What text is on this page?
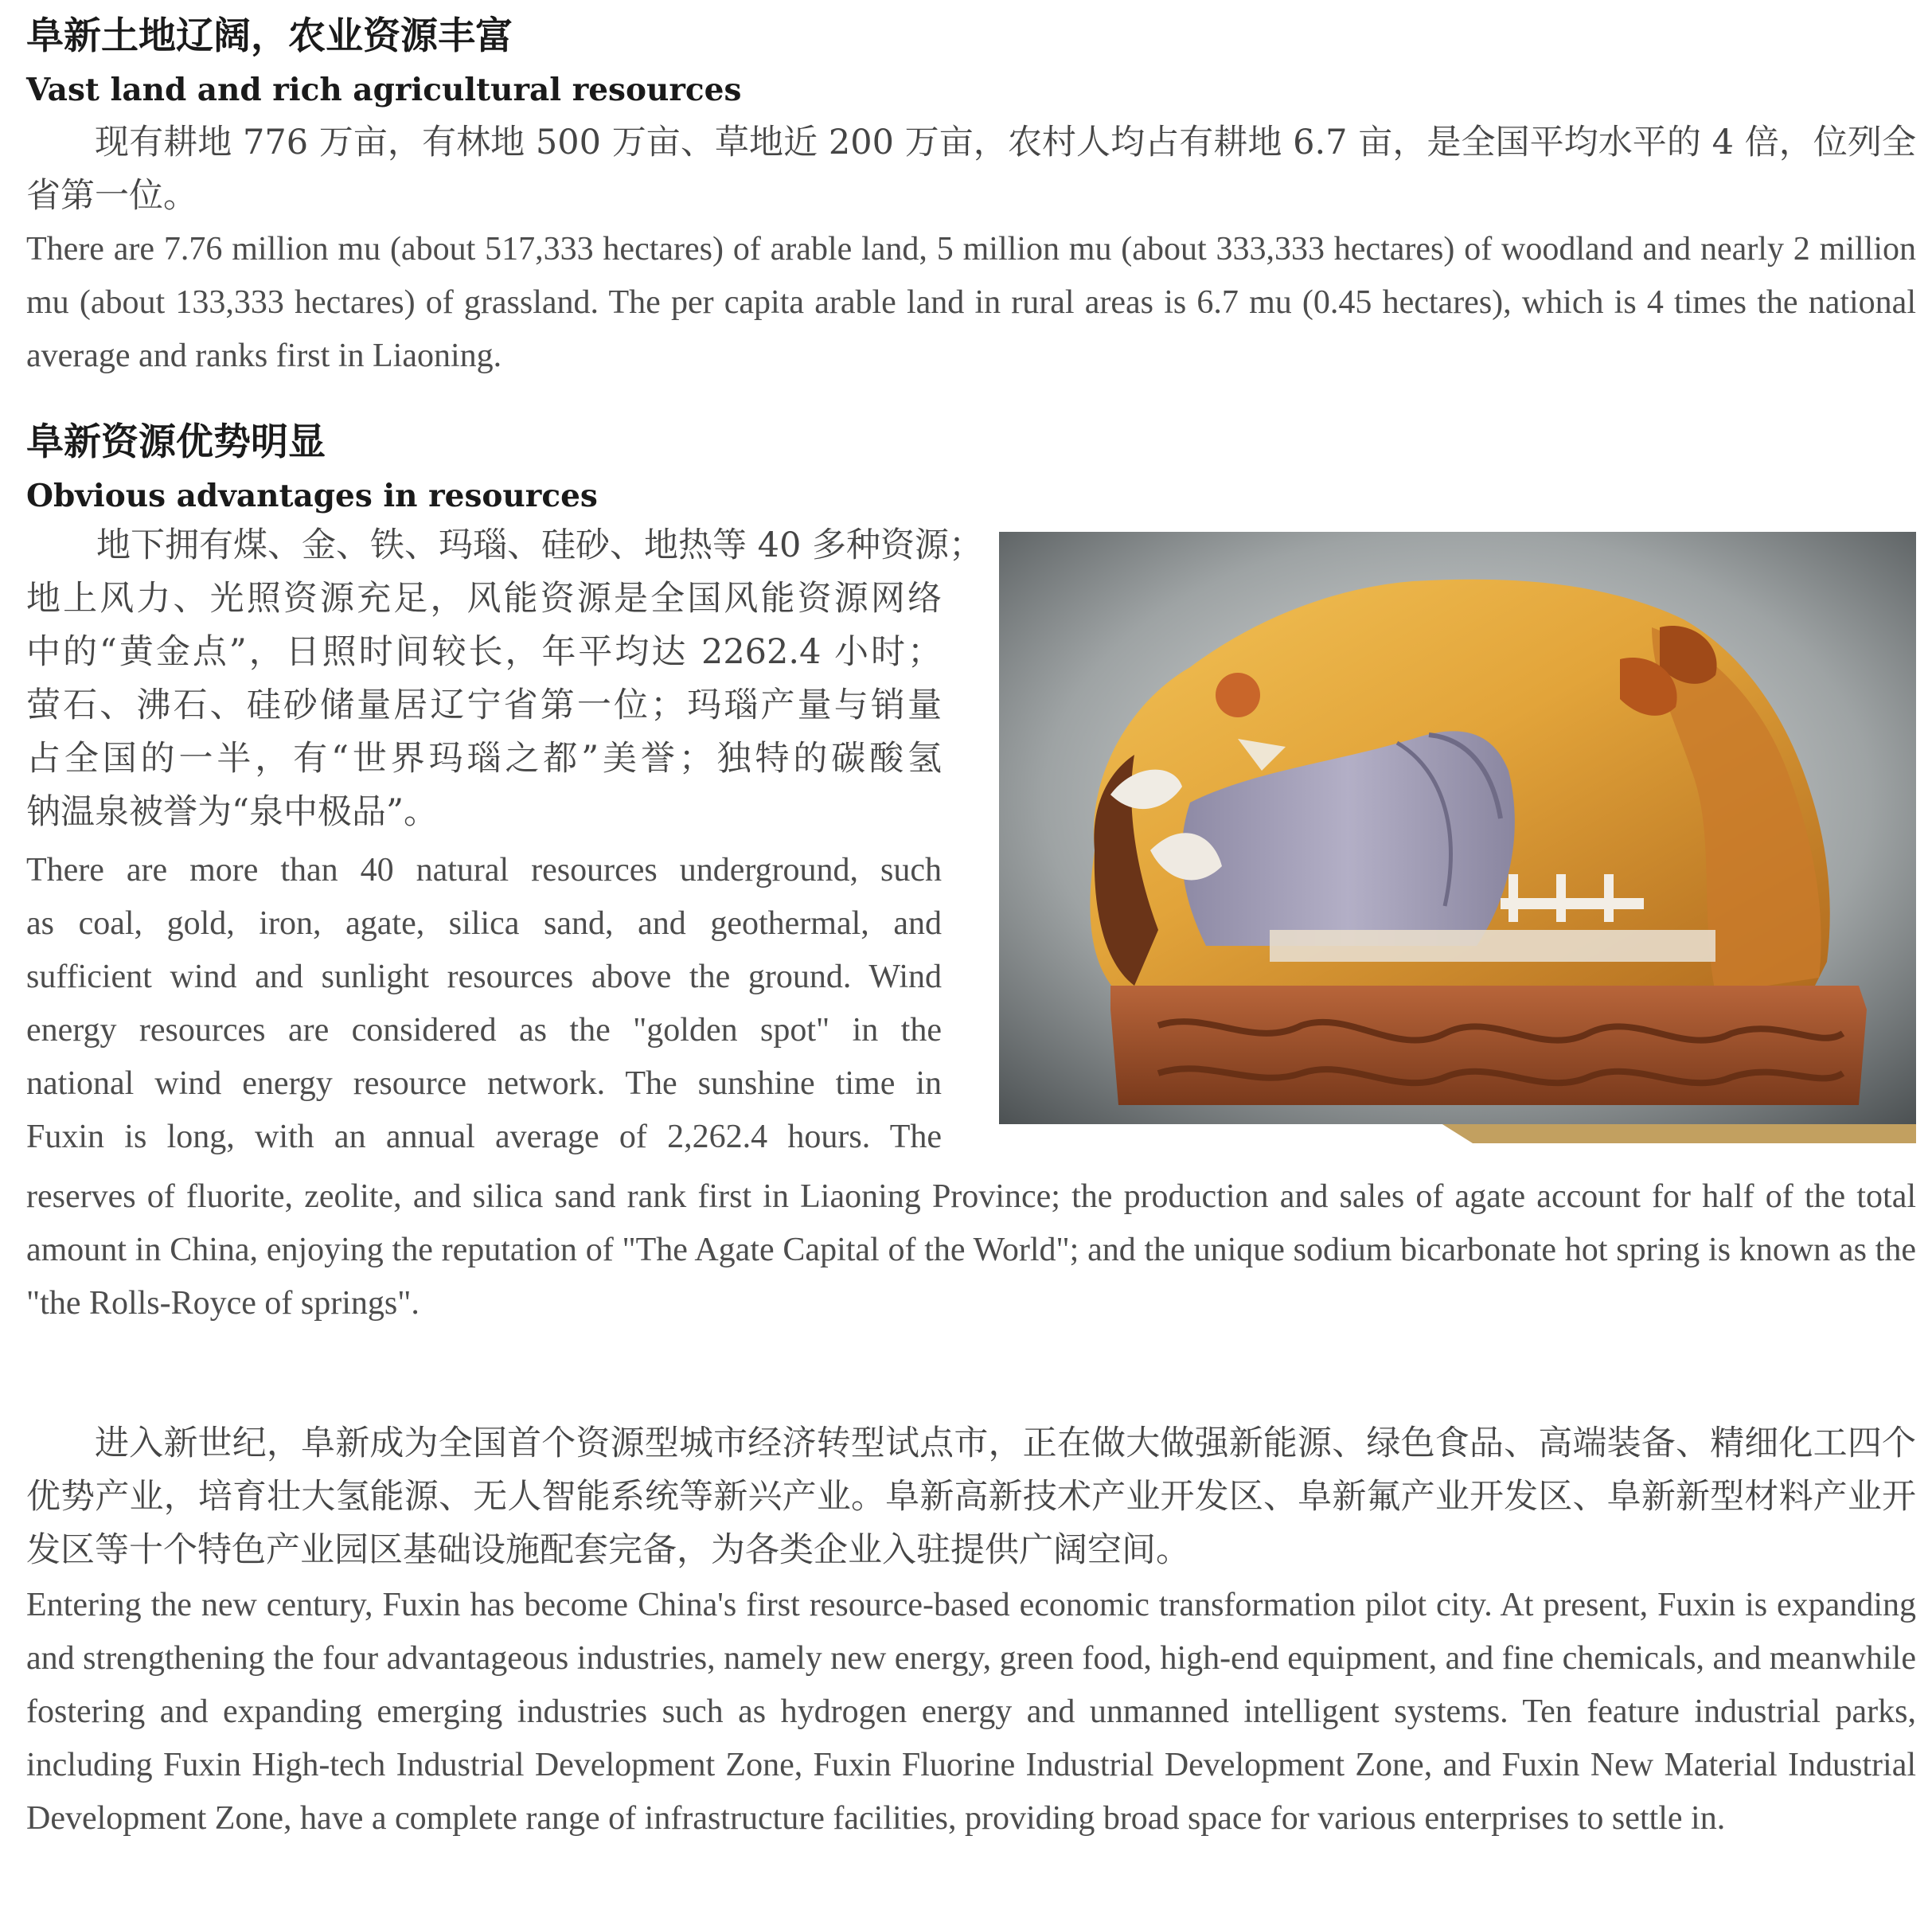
阜新土地辽阔，农业资源丰富
Vast land and rich agricultural resources

现有耕地 776 万亩，有林地 500 万亩、草地近 200 万亩，农村人均占有耕地 6.7 亩，是全国平均水平的 4 倍，位列全省第一位。

There are 7.76 million mu (about 517,333 hectares) of arable land, 5 million mu (about 333,333 hectares) of woodland and nearly 2 million mu (about 133,333 hectares) of grassland. The per capita arable land in rural areas is 6.7 mu (0.45 hectares), which is 4 times the national average and ranks first in Liaoning.

阜新资源优势明显
Obvious advantages in resources
地下拥有煤、金、铁、玛瑙、硅砂、地热等 40 多种资源；
地上风力、光照资源充足，风能资源是全国风能资源网络
中的“黄金点”，日照时间较长，年平均达 2262.4 小时；
萤石、沸石、硅砂储量居辽宁省第一位；玛瑙产量与销量
占全国的一半，有“世界玛瑙之都”美誉；独特的碳酸氢
钠温泉被誉为“泉中极品”。
There are more than 40 natural resources underground, such
as coal, gold, iron, agate, silica sand, and geothermal, and
sufficient wind and sunlight resources above the ground. Wind
energy resources are considered as the "golden spot" in the
national wind energy resource network. The sunshine time in
Fuxin is long, with an annual average of 2,262.4 hours. The

reserves of fluorite, zeolite, and silica sand rank first in Liaoning Province; the production and sales of agate account for half of the total amount in China, enjoying the reputation of "The Agate Capital of the World"; and the unique sodium bicarbonate hot spring is known as the "the Rolls-Royce of springs".

进入新世纪，阜新成为全国首个资源型城市经济转型试点市，正在做大做强新能源、绿色食品、高端装备、精细化工四个优势产业，培育壮大氢能源、无人智能系统等新兴产业。阜新高新技术产业开发区、阜新氟产业开发区、阜新新型材料产业开发区等十个特色产业园区基础设施配套完备，为各类企业入驻提供广阔空间。

Entering the new century, Fuxin has become China's first resource-based economic transformation pilot city. At present, Fuxin is expanding and strengthening the four advantageous industries, namely new energy, green food, high-end equipment, and fine chemicals, and meanwhile fostering and expanding emerging industries such as hydrogen energy and unmanned intelligent systems. Ten feature industrial parks, including Fuxin High-tech Industrial Development Zone, Fuxin Fluorine Industrial Development Zone, and Fuxin New Material Industrial Development Zone, have a complete range of infrastructure facilities, providing broad space for various enterprises to settle in.
